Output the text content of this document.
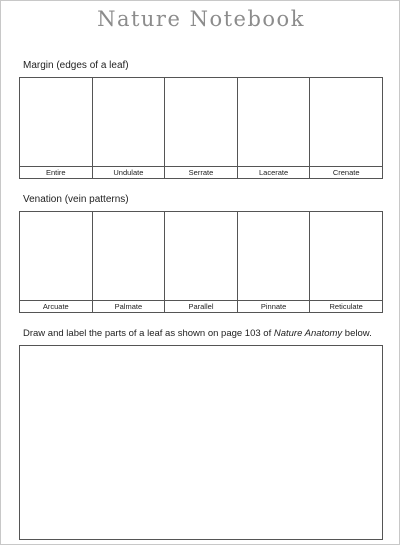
Nature Notebook
Margin (edges of a leaf)
Entire	Undulate	Serrate	Lacerate	Crenate
Venation (vein patterns)
Arcuate	Palmate	Parallel	Pinnate	Reticulate
Draw and label the parts of a leaf as shown on page 103 of Nature Anatomy below.
